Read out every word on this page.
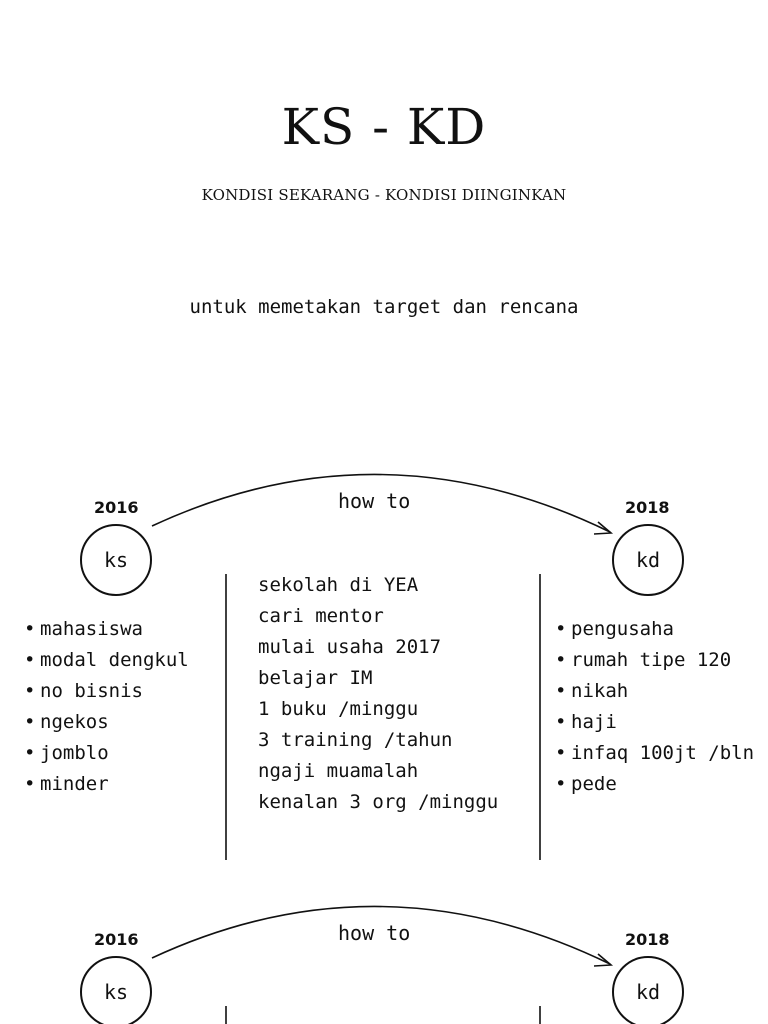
KS - KD
KONDISI SEKARANG - KONDISI DIINGINKAN
untuk memetakan target dan rencana
2016	2018
how to
ks	kd
• mahasiswa
• modal dengkul
• no bisnis
• ngekos
• jomblo
• minder
sekolah di YEA
cari mentor
mulai usaha 2017
belajar IM
1 buku /minggu
3 training /tahun
ngaji muamalah
kenalan 3 org /minggu
• pengusaha
• rumah tipe 120
• nikah
• haji
• infaq 100jt /bln
• pede
2016	2018
how to
ks	kd
